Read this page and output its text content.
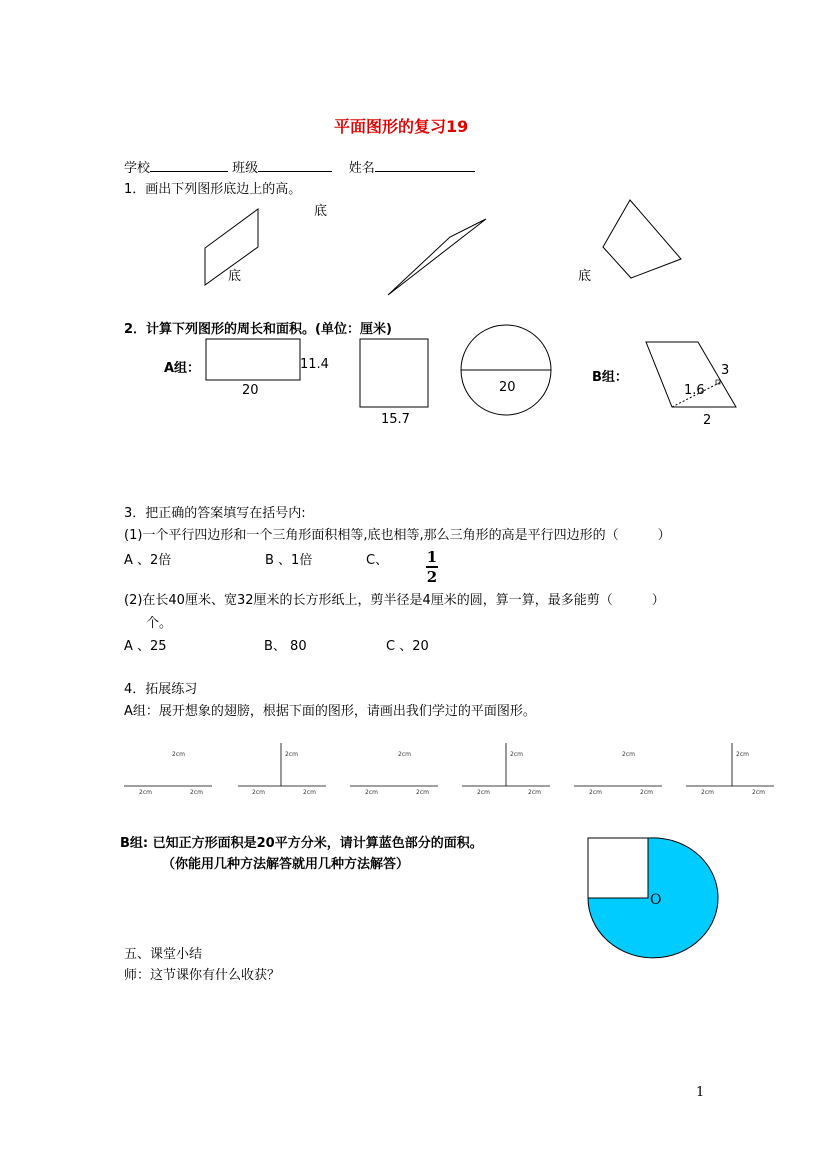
平面图形的复习19
学校	班级	姓名
1．画出下列图形底边上的高。
底
底	底
2．计算下列图形的周长和面积。(单位：厘米)
A组：
20
11.4
15.7
20
B组：
1.6
3
2
3．把正确的答案填写在括号内:
(1)一个平行四边形和一个三角形面积相等,底也相等,那么三角形的高是平行四边形的（　　　）
A 、2倍	B 、1倍	C、	1
2
(2)在长40厘米、宽32厘米的长方形纸上，剪半径是4厘米的圆，算一算，最多能剪（　　　）
个。
A 、25	B、 80	C 、20
4．拓展练习
A组：展开想象的翅膀，根据下面的图形，请画出我们学过的平面图形。
2cm
2cm	2cm
2cm
2cm	2cm
2cm
2cm	2cm
2cm
2cm	2cm
2cm
2cm	2cm
2cm
2cm	2cm
B组: 已知正方形面积是20平方分米，请计算蓝色部分的面积。
（你能用几种方法解答就用几种方法解答）
O
五、课堂小结
师：这节课你有什么收获？
1
